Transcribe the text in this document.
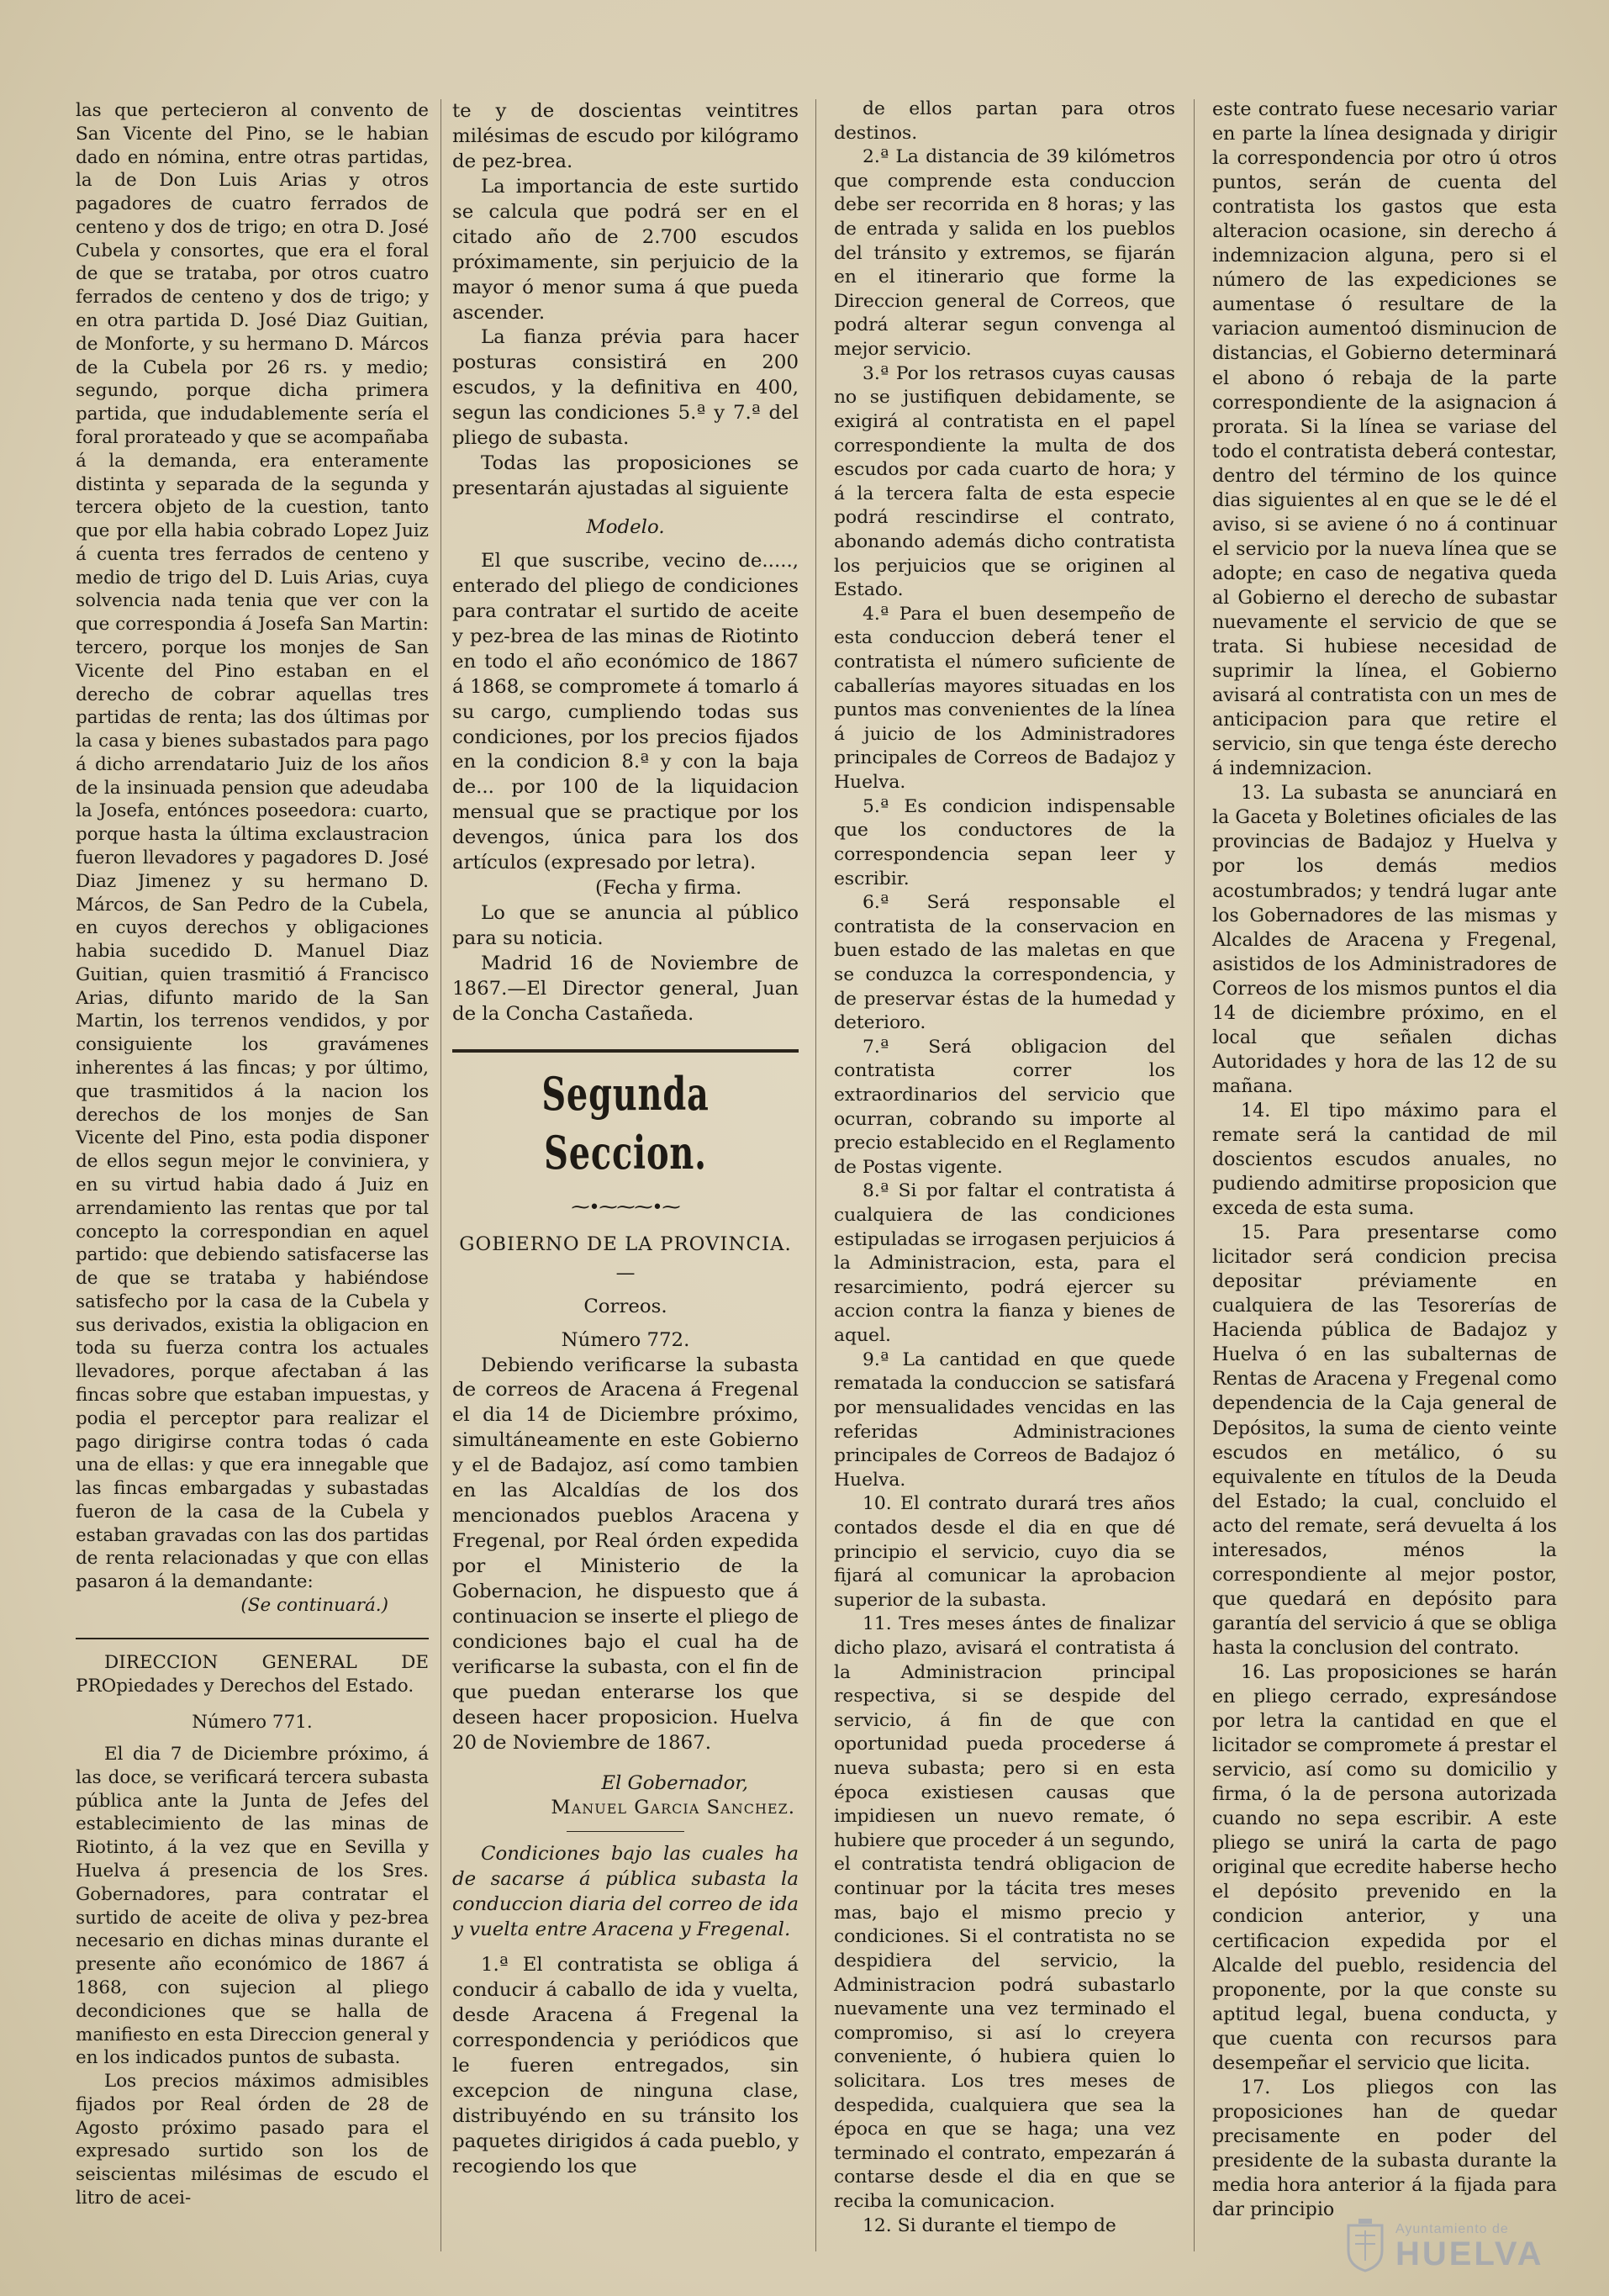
las que pertecieron al convento de San Vicente del Pino, se le habian dado en nómina, entre otras partidas, la de Don Luis Arias y otros pagadores de cuatro ferrados de centeno y dos de trigo; en otra D. José Cubela y consortes, que era el foral de que se trataba, por otros cuatro ferrados de centeno y dos de trigo; y en otra partida D. José Diaz Guitian, de Monforte, y su hermano D. Márcos de la Cubela por 26 rs. y medio; segundo, porque dicha primera partida, que indudablemente sería el foral prorateado y que se acompañaba á la demanda, era enteramente distinta y separada de la segunda y tercera objeto de la cuestion, tanto que por ella habia cobrado Lopez Juiz á cuenta tres ferrados de centeno y medio de trigo del D. Luis Arias, cuya solvencia nada tenia que ver con la que correspondia á Josefa San Martin: tercero, porque los monjes de San Vicente del Pino estaban en el derecho de cobrar aquellas tres partidas de renta; las dos últimas por la casa y bienes subastados para pago á dicho arrendatario Juiz de los años de la insinuada pension que adeudaba la Josefa, entónces poseedora: cuarto, porque hasta la última exclaustracion fueron llevadores y pagadores D. José Diaz Jimenez y su hermano D. Márcos, de San Pedro de la Cubela, en cuyos derechos y obligaciones habia sucedido D. Manuel Diaz Guitian, quien trasmitió á Francisco Arias, difunto marido de la San Martin, los terrenos vendidos, y por consiguiente los gravámenes inherentes á las fincas; y por último, que trasmitidos á la nacion los derechos de los monjes de San Vicente del Pino, esta podia disponer de ellos segun mejor le conviniera, y en su virtud habia dado á Juiz en arrendamiento las rentas que por tal concepto la correspondian en aquel partido: que debiendo satisfacerse las de que se trataba y habiéndose satisfecho por la casa de la Cubela y sus derivados, existia la obligacion en toda su fuerza contra los actuales llevadores, porque afectaban á las fincas sobre que estaban impuestas, y podia el perceptor para realizar el pago dirigirse contra todas ó cada una de ellas: y que era innegable que las fincas embargadas y subastadas fueron de la casa de la Cubela y estaban gravadas con las dos partidas de renta relacionadas y que con ellas pasaron á la demandante:

(Se continuará.)

DIRECCION GENERAL DE PROpiedades y Derechos del Estado.

Número 771.

El dia 7 de Diciembre próximo, á las doce, se verificará tercera subasta pública ante la Junta de Jefes del establecimiento de las minas de Riotinto, á la vez que en Sevilla y Huelva á presencia de los Sres. Gobernadores, para contratar el surtido de aceite de oliva y pez-brea necesario en dichas minas durante el presente año económico de 1867 á 1868, con sujecion al pliego decondiciones que se halla de manifiesto en esta Direccion general y en los indicados puntos de subasta.

Los precios máximos admisibles fijados por Real órden de 28 de Agosto próximo pasado para el expresado surtido son los de seiscientas milésimas de escudo el litro de acei-

te y de doscientas veintitres milésimas de escudo por kilógramo de pez-brea.

La importancia de este surtido se calcula que podrá ser en el citado año de 2.700 escudos próximamente, sin perjuicio de la mayor ó menor suma á que pueda ascender.

La fianza prévia para hacer posturas consistirá en 200 escudos, y la definitiva en 400, segun las condiciones 5.ª y 7.ª del pliego de subasta.

Todas las proposiciones se presentarán ajustadas al siguiente

Modelo.

El que suscribe, vecino de....., enterado del pliego de condiciones para contratar el surtido de aceite y pez-brea de las minas de Riotinto en todo el año económico de 1867 á 1868, se compromete á tomarlo á su cargo, cumpliendo todas sus condiciones, por los precios fijados en la condicion 8.ª y con la baja de... por 100 de la liquidacion mensual que se practique por los devengos, única para los dos artículos (expresado por letra).

(Fecha y firma.

Lo que se anuncia al público para su noticia.

Madrid 16 de Noviembre de 1867.—El Director general, Juan de la Concha Castañeda.

Segunda Seccion.
⁓•⁓⁓⁓•⁓

GOBIERNO DE LA PROVINCIA.

—

Correos.

Número 772.

Debiendo verificarse la subasta de correos de Aracena á Fregenal el dia 14 de Diciembre próximo, simultáneamente en este Gobierno y el de Badajoz, así como tambien en las Alcaldías de los dos mencionados pueblos Aracena y Fregenal, por Real órden expedida por el Ministerio de la Gobernacion, he dispuesto que á continuacion se inserte el pliego de condiciones bajo el cual ha de verificarse la subasta, con el fin de que puedan enterarse los que deseen hacer proposicion. Huelva 20 de Noviembre de 1867.

El Gobernador,

Manuel Garcia Sanchez.

Condiciones bajo las cuales ha de sacarse á pública subasta la conduccion diaria del correo de ida y vuelta entre Aracena y Fregenal.

1.ª El contratista se obliga á conducir á caballo de ida y vuelta, desde Aracena á Fregenal la correspondencia y periódicos que le fueren entregados, sin excepcion de ninguna clase, distribuyéndo en su tránsito los paquetes dirigidos á cada pueblo, y recogiendo los que

de ellos partan para otros destinos.

2.ª La distancia de 39 kilómetros que comprende esta conduccion debe ser recorrida en 8 horas; y las de entrada y salida en los pueblos del tránsito y extremos, se fijarán en el itinerario que forme la Direccion general de Correos, que podrá alterar segun convenga al mejor servicio.

3.ª Por los retrasos cuyas causas no se justifiquen debidamente, se exigirá al contratista en el papel correspondiente la multa de dos escudos por cada cuarto de hora; y á la tercera falta de esta especie podrá rescindirse el contrato, abonando además dicho contratista los perjuicios que se originen al Estado.

4.ª Para el buen desempeño de esta conduccion deberá tener el contratista el número suficiente de caballerías mayores situadas en los puntos mas convenientes de la línea á juicio de los Administradores principales de Correos de Badajoz y Huelva.

5.ª Es condicion indispensable que los conductores de la correspondencia sepan leer y escribir.

6.ª Será responsable el contratista de la conservacion en buen estado de las maletas en que se conduzca la correspondencia, y de preservar éstas de la humedad y deterioro.

7.ª Será obligacion del contratista correr los extraordinarios del servicio que ocurran, cobrando su importe al precio establecido en el Reglamento de Postas vigente.

8.ª Si por faltar el contratista á cualquiera de las condiciones estipuladas se irrogasen perjuicios á la Administracion, esta, para el resarcimiento, podrá ejercer su accion contra la fianza y bienes de aquel.

9.ª La cantidad en que quede rematada la conduccion se satisfará por mensualidades vencidas en las referidas Administraciones principales de Correos de Badajoz ó Huelva.

10. El contrato durará tres años contados desde el dia en que dé principio el servicio, cuyo dia se fijará al comunicar la aprobacion superior de la subasta.

11. Tres meses ántes de finalizar dicho plazo, avisará el contratista á la Administracion principal respectiva, si se despide del servicio, á fin de que con oportunidad pueda procederse á nueva subasta; pero si en esta época existiesen causas que impidiesen un nuevo remate, ó hubiere que proceder á un segundo, el contratista tendrá obligacion de continuar por la tácita tres meses mas, bajo el mismo precio y condiciones. Si el contratista no se despidiera del servicio, la Administracion podrá subastarlo nuevamente una vez terminado el compromiso, si así lo creyera conveniente, ó hubiera quien lo solicitara. Los tres meses de despedida, cualquiera que sea la época en que se haga; una vez terminado el contrato, empezarán á contarse desde el dia en que se reciba la comunicacion.

12. Si durante el tiempo de

este contrato fuese necesario variar en parte la línea designada y dirigir la correspondencia por otro ú otros puntos, serán de cuenta del contratista los gastos que esta alteracion ocasione, sin derecho á indemnizacion alguna, pero si el número de las expediciones se aumentase ó resultare de la variacion aumentoó disminucion de distancias, el Gobierno determinará el abono ó rebaja de la parte correspondiente de la asignacion á prorata. Si la línea se variase del todo el contratista deberá contestar, dentro del término de los quince dias siguientes al en que se le dé el aviso, si se aviene ó no á continuar el servicio por la nueva línea que se adopte; en caso de negativa queda al Gobierno el derecho de subastar nuevamente el servicio de que se trata. Si hubiese necesidad de suprimir la línea, el Gobierno avisará al contratista con un mes de anticipacion para que retire el servicio, sin que tenga éste derecho á indemnizacion.

13. La subasta se anunciará en la Gaceta y Boletines oficiales de las provincias de Badajoz y Huelva y por los demás medios acostumbrados; y tendrá lugar ante los Gobernadores de las mismas y Alcaldes de Aracena y Fregenal, asistidos de los Administradores de Correos de los mismos puntos el dia 14 de diciembre próximo, en el local que señalen dichas Autoridades y hora de las 12 de su mañana.

14. El tipo máximo para el remate será la cantidad de mil doscientos escudos anuales, no pudiendo admitirse proposicion que exceda de esta suma.

15. Para presentarse como licitador será condicion precisa depositar préviamente en cualquiera de las Tesorerías de Hacienda pública de Badajoz y Huelva ó en las subalternas de Rentas de Aracena y Fregenal como dependencia de la Caja general de Depósitos, la suma de ciento veinte escudos en metálico, ó su equivalente en títulos de la Deuda del Estado; la cual, concluido el acto del remate, será devuelta á los interesados, ménos la correspondiente al mejor postor, que quedará en depósito para garantía del servicio á que se obliga hasta la conclusion del contrato.

16. Las proposiciones se harán en pliego cerrado, expresándose por letra la cantidad en que el licitador se compromete á prestar el servicio, así como su domicilio y firma, ó la de persona autorizada cuando no sepa escribir. A este pliego se unirá la carta de pago original que ecredite haberse hecho el depósito prevenido en la condicion anterior, y una certificacion expedida por el Alcalde del pueblo, residencia del proponente, por la que conste su aptitud legal, buena conducta, y que cuenta con recursos para desempeñar el servicio que licita.

17. Los pliegos con las proposiciones han de quedar precisamente en poder del presidente de la subasta durante la media hora anterior á la fijada para dar principio

Ayuntamiento de
HUELVA
